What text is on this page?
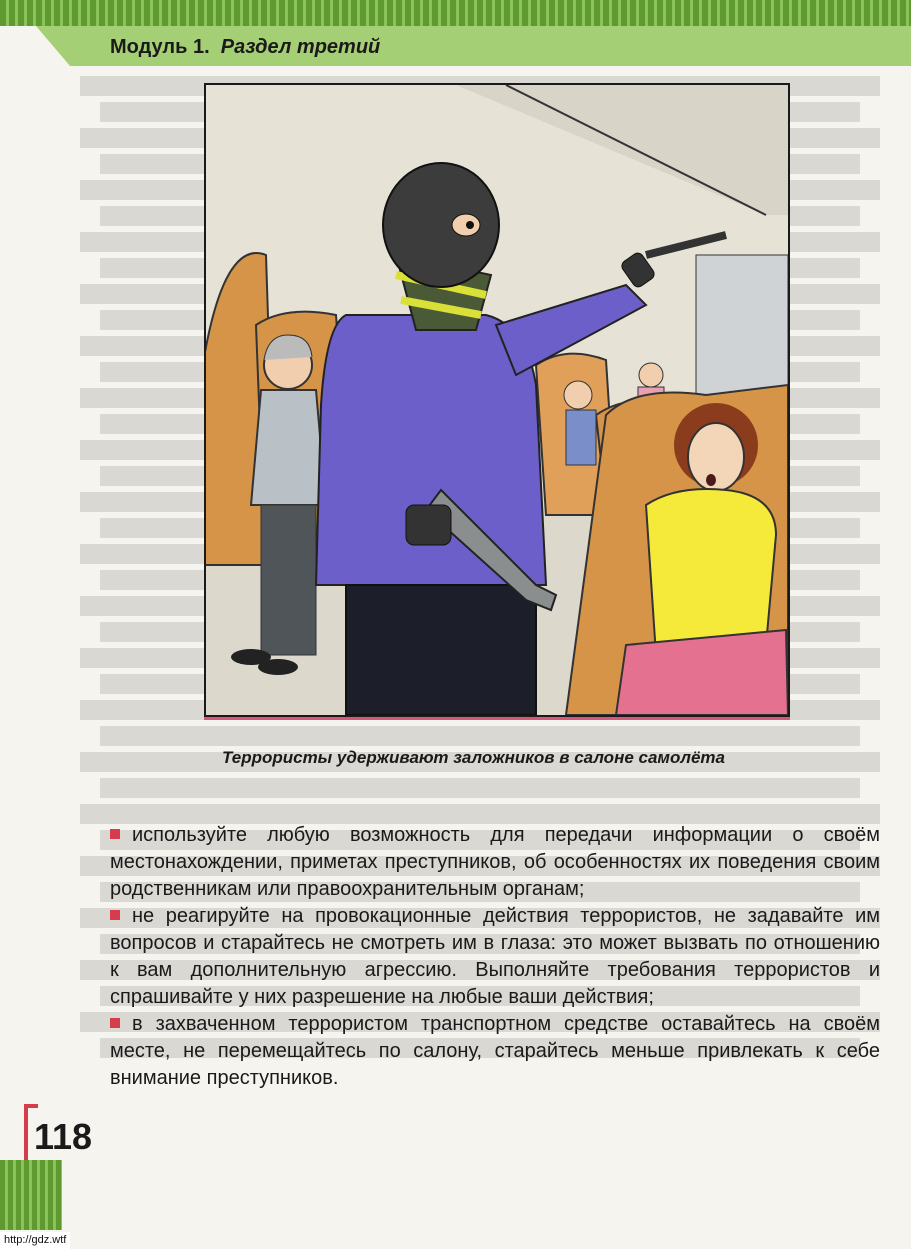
Модуль 1. Раздел третий
Террористы удерживают заложников в салоне самолёта
используйте любую возможность для передачи информации о своём местонахождении, приметах преступников, об особенностях их поведения своим родственникам или правоохранительным органам;
не реагируйте на провокационные действия террористов, не задавайте им вопросов и старайтесь не смотреть им в глаза: это может вызвать по отношению к вам дополнительную агрессию. Выполняйте требования террористов и спрашивайте у них разрешение на любые ваши действия;
в захваченном террористом транспортном средстве оставайтесь на своём месте, не перемещайтесь по салону, старайтесь меньше привлекать к себе внимание преступников.
118
http://gdz.wtf
